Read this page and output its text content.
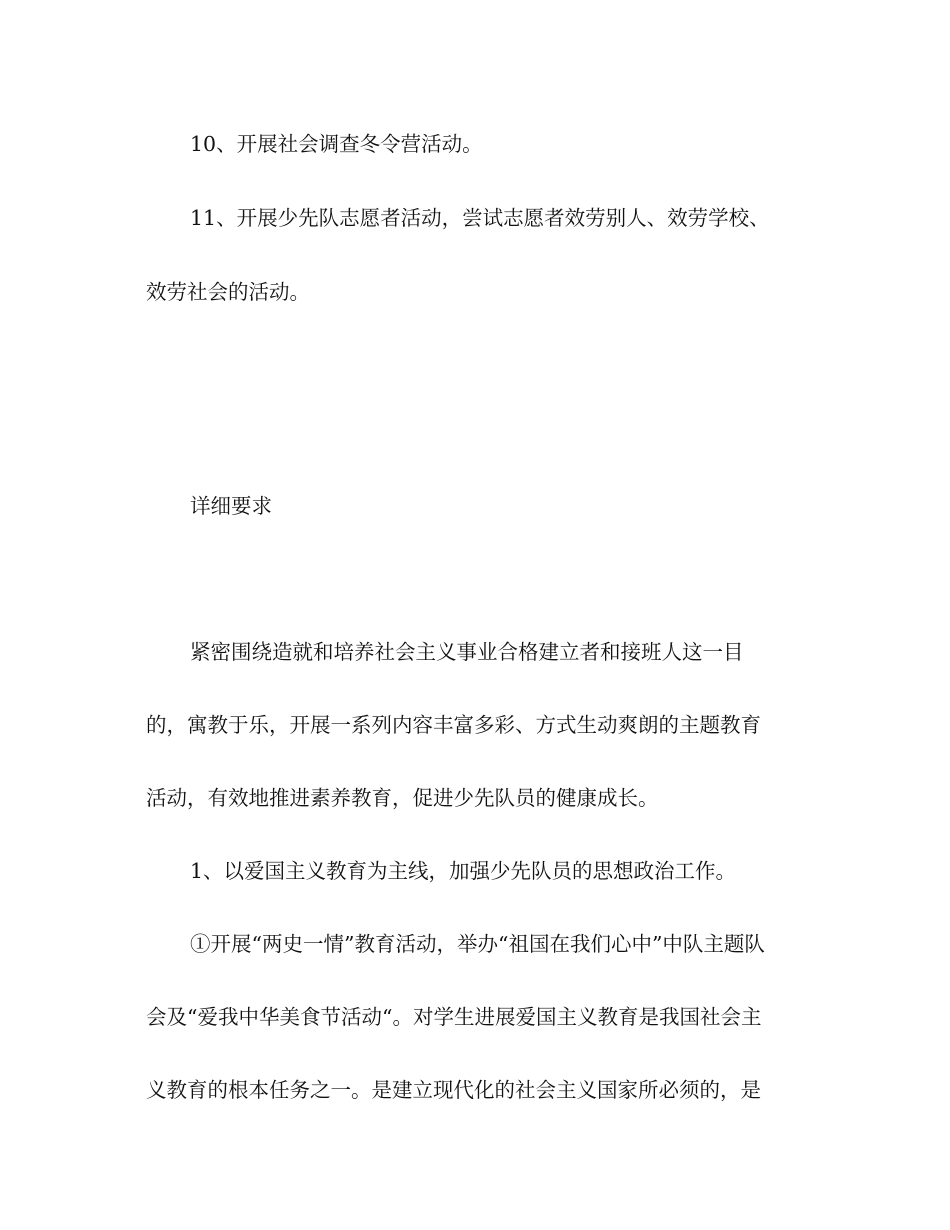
10、开展社会调查冬令营活动。
11、开展少先队志愿者活动，尝试志愿者效劳别人、效劳学校、
效劳社会的活动。
详细要求
紧密围绕造就和培养社会主义事业合格建立者和接班人这一目
的，寓教于乐，开展一系列内容丰富多彩、方式生动爽朗的主题教育
活动，有效地推进素养教育，促进少先队员的健康成长。
1、以爱国主义教育为主线，加强少先队员的思想政治工作。
①开展“两史一情”教育活动，举办“祖国在我们心中”中队主题队
会及“爱我中华美食节活动“。对学生进展爱国主义教育是我国社会主
义教育的根本任务之一。是建立现代化的社会主义国家所必须的，是
